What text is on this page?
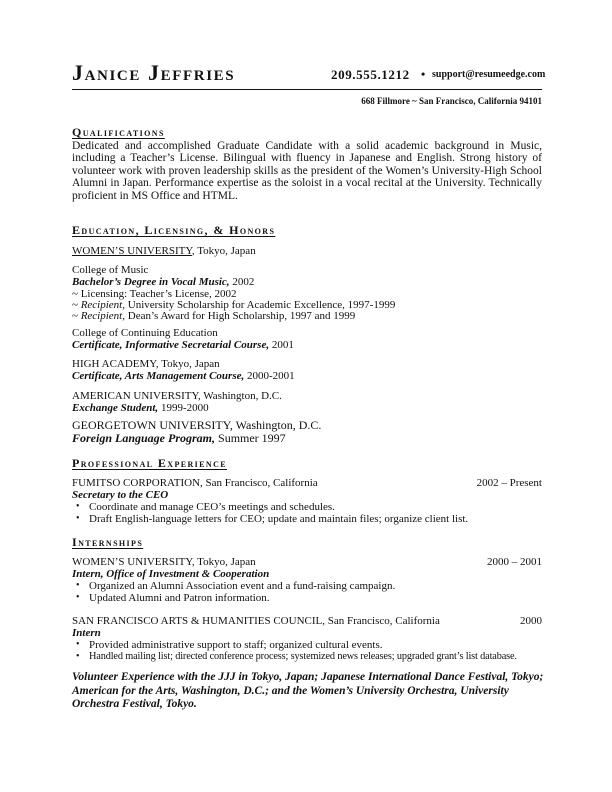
Janice Jeffries	209.555.1212 • support@resumeedge.com
668 Fillmore ~ San Francisco, California 94101
Qualifications
Dedicated and accomplished Graduate Candidate with a solid academic background in Music, including a Teacher’s License. Bilingual with fluency in Japanese and English. Strong history of volunteer work with proven leadership skills as the president of the Women’s University-High School Alumni in Japan. Performance expertise as the soloist in a vocal recital at the University. Technically proficient in MS Office and HTML.
Education, Licensing, & Honors
WOMEN’S UNIVERSITY, Tokyo, Japan
College of Music
Bachelor’s Degree in Vocal Music, 2002
~ Licensing: Teacher’s License, 2002
~ Recipient, University Scholarship for Academic Excellence, 1997-1999
~ Recipient, Dean’s Award for High Scholarship, 1997 and 1999
College of Continuing Education
Certificate, Informative Secretarial Course, 2001
HIGH ACADEMY, Tokyo, Japan
Certificate, Arts Management Course, 2000-2001
AMERICAN UNIVERSITY, Washington, D.C.
Exchange Student, 1999-2000
GEORGETOWN UNIVERSITY, Washington, D.C.
Foreign Language Program, Summer 1997
Professional Experience
FUMITSO CORPORATION, San Francisco, California	2002 – Present
Secretary to the CEO
• Coordinate and manage CEO’s meetings and schedules.
• Draft English-language letters for CEO; update and maintain files; organize client list.
Internships
WOMEN’S UNIVERSITY, Tokyo, Japan	2000 – 2001
Intern, Office of Investment & Cooperation
• Organized an Alumni Association event and a fund-raising campaign.
• Updated Alumni and Patron information.
SAN FRANCISCO ARTS & HUMANITIES COUNCIL, San Francisco, California	2000
Intern
• Provided administrative support to staff; organized cultural events.
• Handled mailing list; directed conference process; systemized news releases; upgraded grant’s list database.
Volunteer Experience with the JJJ in Tokyo, Japan; Japanese International Dance Festival, Tokyo; American for the Arts, Washington, D.C.; and the Women’s University Orchestra, University Orchestra Festival, Tokyo.
